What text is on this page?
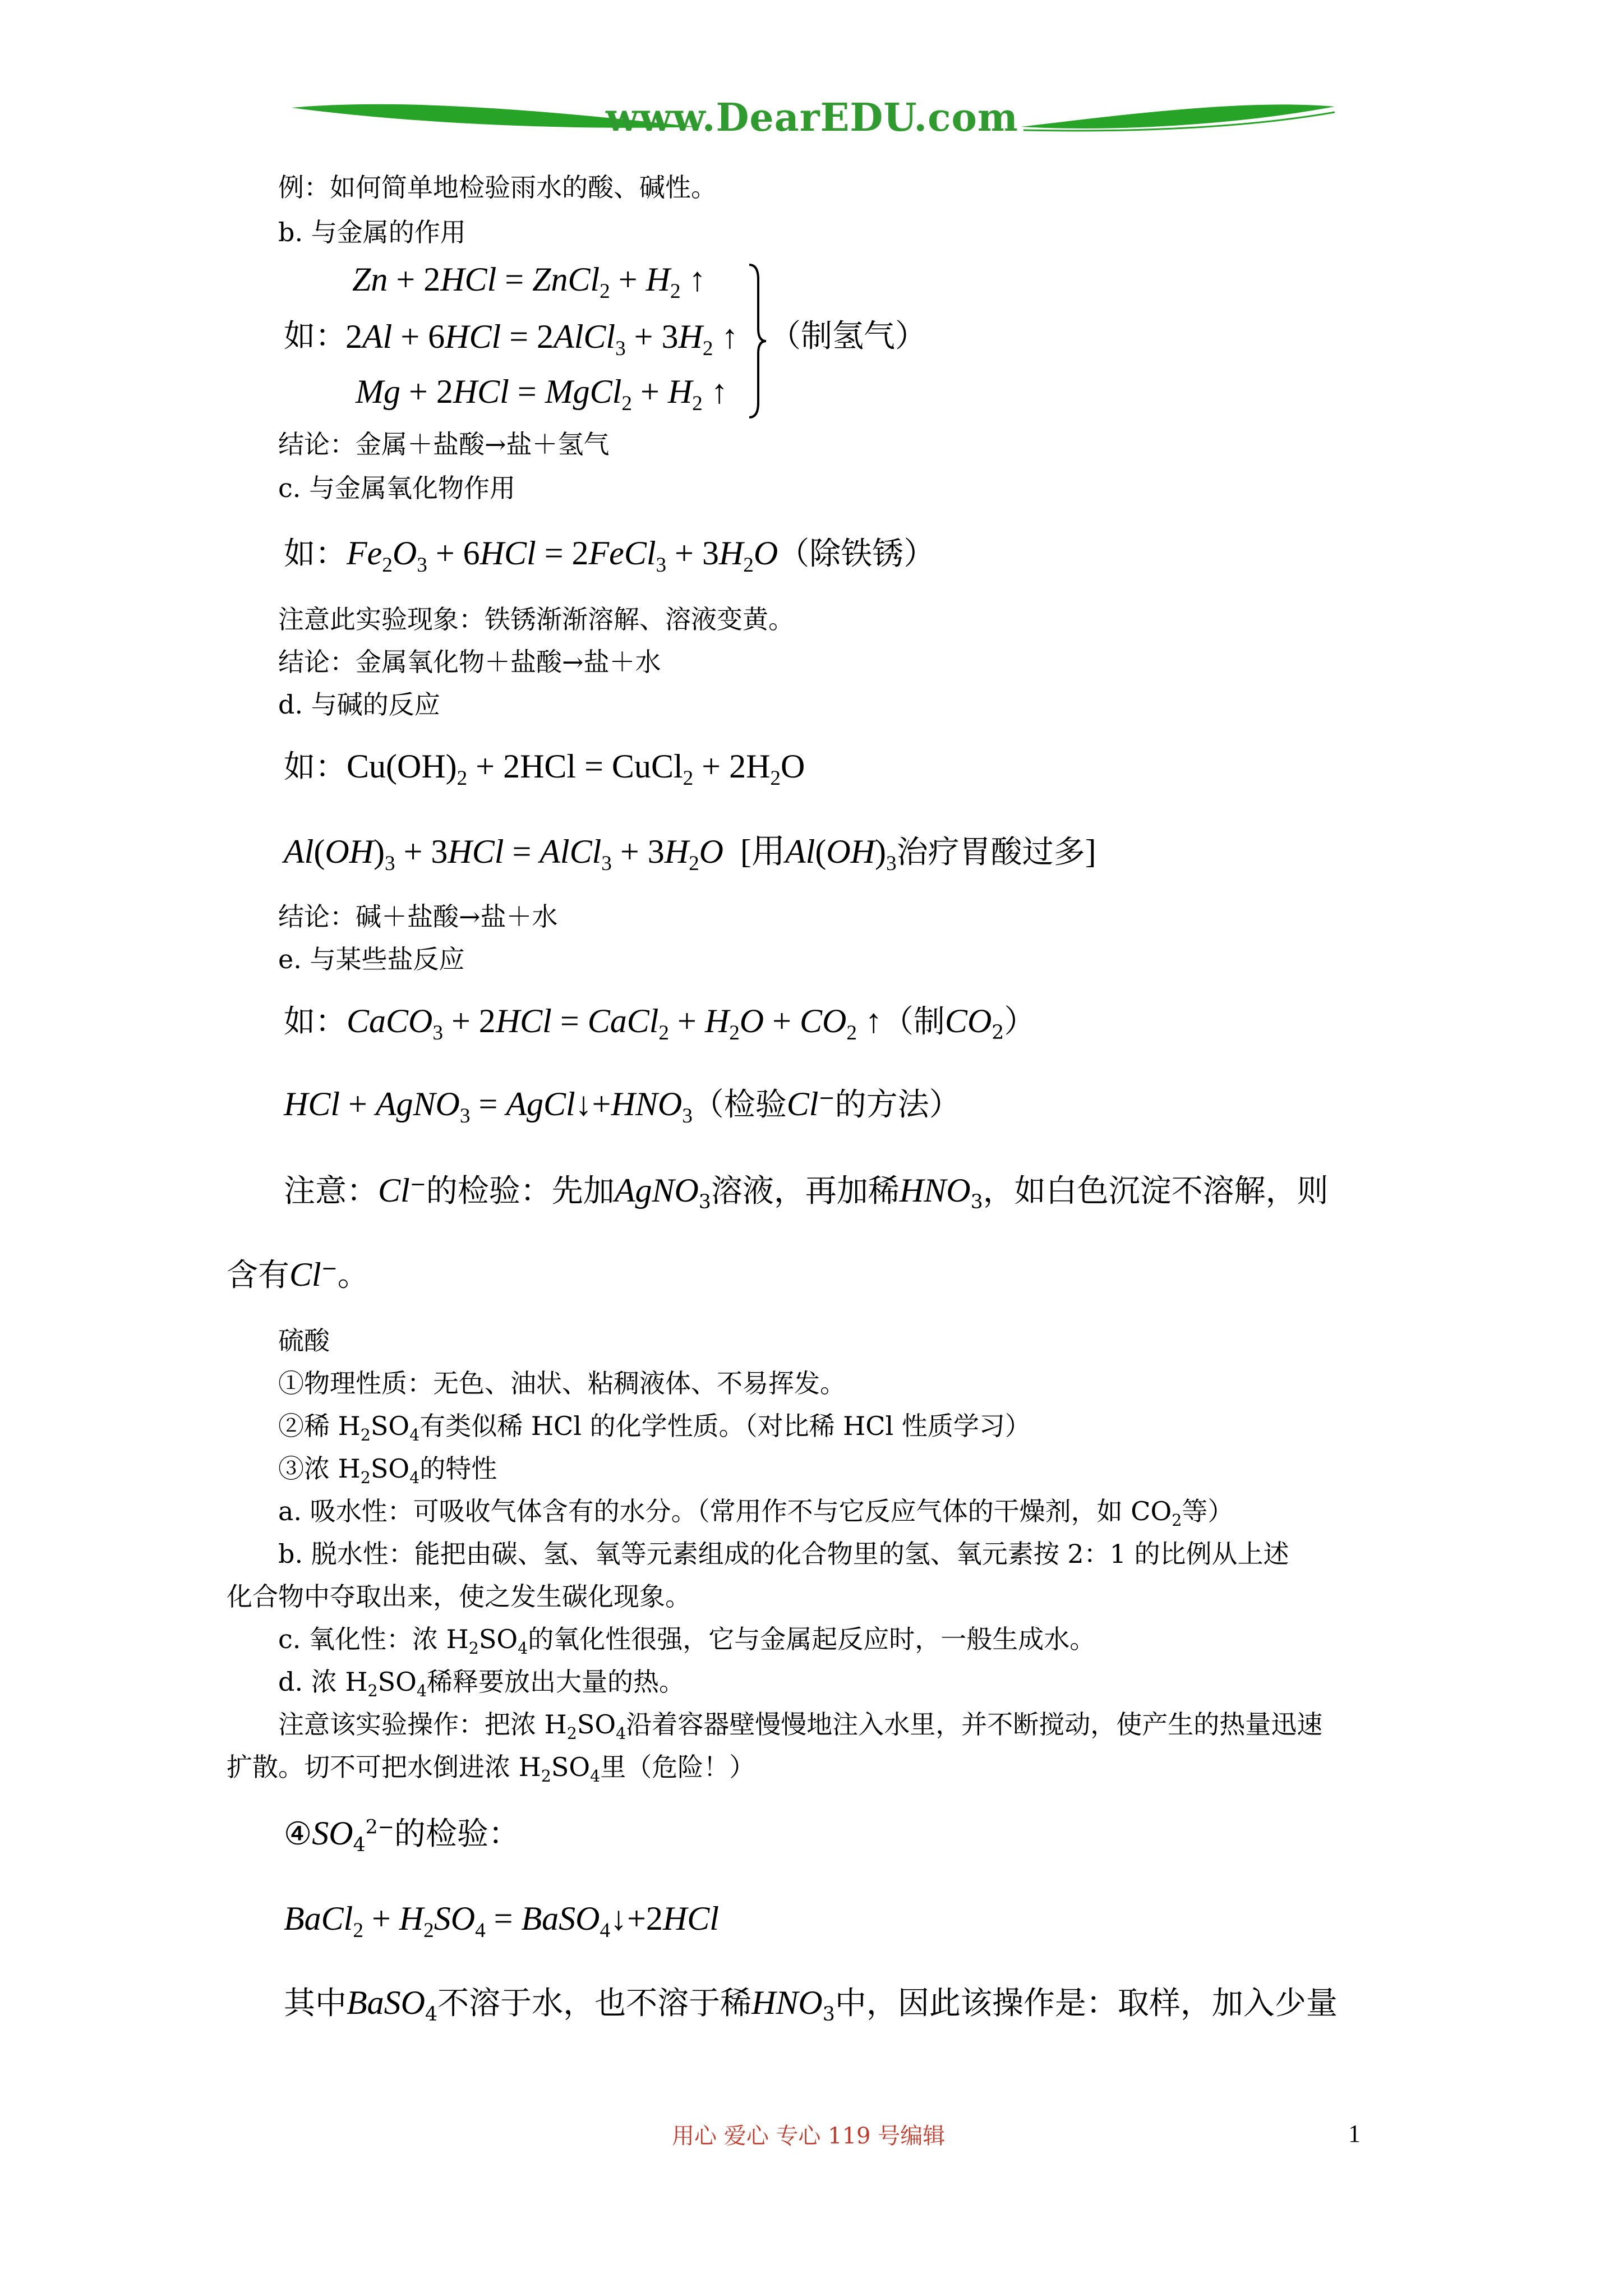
www.DearEDU.com
例：如何简单地检验雨水的酸、碱性。
b. 与金属的作用
Zn + 2HCl = ZnCl$_2$ + $H_2$ ↑
如：
2Al + 6HCl = 2AlCl$_3$ + $3H_2$ ↑
Mg + 2HCl = MgCl$_2$ + $H_2$ ↑
（制氢气）
结论：金属＋盐酸→盐＋氢气
c. 与金属氧化物作用
如：$Fe_2O_3 + 6HCl$ = 2FeCl$_3$ + $3H_2O$（除铁锈）
注意此实验现象：铁锈渐渐溶解、溶液变黄。
结论：金属氧化物＋盐酸→盐＋水
d. 与碱的反应
如：$Cu(OH)_2 + 2HCl$ = CuCl$_2$ + $2H_2O$
$Al(OH)_3 + 3HCl$ = AlCl$_3$ + $3H_2O$  [用$Al(OH)_3$治疗胃酸过多]
结论：碱＋盐酸→盐＋水
e. 与某些盐反应
如：CaCO$_3$ + 2HCl = CaCl$_2$ + $H_2O + CO_2$ ↑（制$CO_2$）
HCl + AgNO$_3$ = $AgCl↓+HNO_3$（检验Cl−的方法）
注意：Cl−的检验：先加AgNO$_3$溶液，再加稀$HNO_3$，如白色沉淀不溶解，则
含有Cl−。
硫酸
①物理性质：无色、油状、粘稠液体、不易挥发。
②稀 $H_2SO_4$有类似稀 HCl 的化学性质。（对比稀 HCl 性质学习）
③浓 $H_2SO_4$的特性
a. 吸水性：可吸收气体含有的水分。（常用作不与它反应气体的干燥剂，如 $CO_2$等）
b. 脱水性：能把由碳、氢、氧等元素组成的化合物里的氢、氧元素按 2：1 的比例从上述
化合物中夺取出来，使之发生碳化现象。
c. 氧化性：浓 $H_2SO_4$的氧化性很强，它与金属起反应时，一般生成水。
d. 浓 $H_2SO_4$稀释要放出大量的热。
注意该实验操作：把浓 $H_2SO_4$沿着容器壁慢慢地注入水里，并不断搅动，使产生的热量迅速
扩散。切不可把水倒进浓 $H_2SO_4$里（危险！）
$④SO_4^{2-}$的检验：
BaCl$_2$ + $H_2SO_4$ = BaSO$_4$↓+2HCl
其中BaSO$_4$不溶于水，也不溶于稀$HNO_3$中，因此该操作是：取样，加入少量
用心 爱心 专心 119 号编辑	1
